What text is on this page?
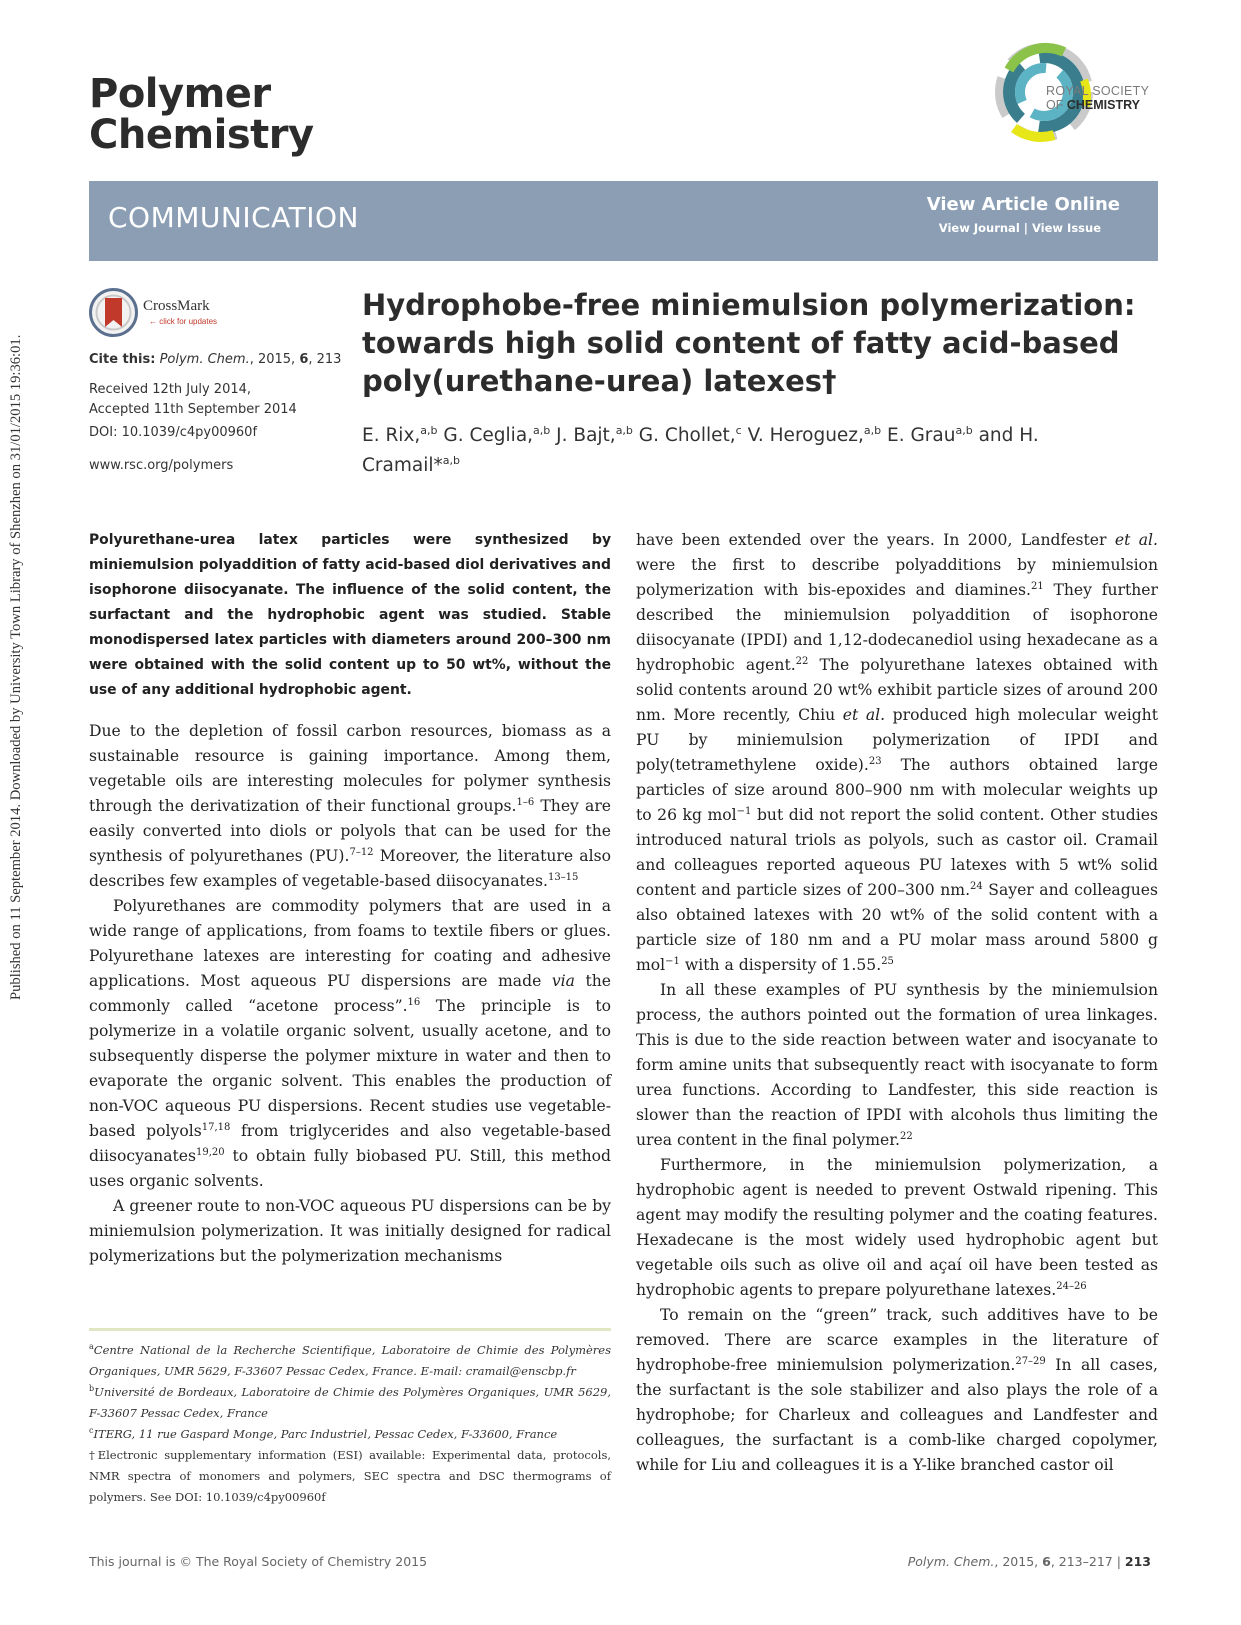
Published on 11 September 2014. Downloaded by University Town Library of Shenzhen on 31/01/2015 19:36:01.
Polymer
Chemistry
ROYAL SOCIETY
OF CHEMISTRY
COMMUNICATION	View Article Online
View Journal | View Issue
CrossMark
← click for updates
Cite this: Polym. Chem., 2015, 6, 213
Received 12th July 2014,
Accepted 11th September 2014
DOI: 10.1039/c4py00960f
www.rsc.org/polymers
Hydrophobe-free miniemulsion polymerization:
towards high solid content of fatty acid-based
poly(urethane-urea) latexes†
E. Rix,$^{a,b}$ G. Ceglia,$^{a,b}$ J. Bajt,$^{a,b}$ G. Chollet,$^c$ V. Heroguez,$^{a,b}$ E. Grau$^{a,b}$ and H. Cramail*$^{a,b}$

Polyurethane-urea latex particles were synthesized by miniemulsion polyaddition of fatty acid-based diol derivatives and isophorone diisocyanate. The influence of the solid content, the surfactant and the hydrophobic agent was studied. Stable monodispersed latex particles with diameters around 200–300 nm were obtained with the solid content up to 50 wt%, without the use of any additional hydrophobic agent.

Due to the depletion of fossil carbon resources, biomass as a sustainable resource is gaining importance. Among them, vegetable oils are interesting molecules for polymer synthesis through the derivatization of their functional groups.$^{1-6}$ They are easily converted into diols or polyols that can be used for the synthesis of polyurethanes (PU).$^{7-12}$ Moreover, the literature also describes few examples of vegetable-based diisocyanates.$^{13-15}$

Polyurethanes are commodity polymers that are used in a wide range of applications, from foams to textile fibers or glues. Polyurethane latexes are interesting for coating and adhesive applications. Most aqueous PU dispersions are made via the commonly called “acetone process”.$^{16}$ The principle is to polymerize in a volatile organic solvent, usually acetone, and to subsequently disperse the polymer mixture in water and then to evaporate the organic solvent. This enables the production of non-VOC aqueous PU dispersions. Recent studies use vegetable-based polyols$^{17,18}$ from triglycerides and also vegetable-based diisocyanates$^{19,20}$ to obtain fully biobased PU. Still, this method uses organic solvents.

A greener route to non-VOC aqueous PU dispersions can be by miniemulsion polymerization. It was initially designed for radical polymerizations but the polymerization mechanisms

$^a$Centre National de la Recherche Scientifique, Laboratoire de Chimie des Polymères Organiques, UMR 5629, F-33607 Pessac Cedex, France. E-mail: cramail@enscbp.fr

$^b$Université de Bordeaux, Laboratoire de Chimie des Polymères Organiques, UMR 5629, F-33607 Pessac Cedex, France

$^c$ITERG, 11 rue Gaspard Monge, Parc Industriel, Pessac Cedex, F-33600, France

†Electronic supplementary information (ESI) available: Experimental data, protocols, NMR spectra of monomers and polymers, SEC spectra and DSC thermograms of polymers. See DOI: 10.1039/c4py00960f

have been extended over the years. In 2000, Landfester et al. were the first to describe polyadditions by miniemulsion polymerization with bis-epoxides and diamines.$^{21}$ They further described the miniemulsion polyaddition of isophorone diisocyanate (IPDI) and 1,12-dodecanediol using hexadecane as a hydrophobic agent.$^{22}$ The polyurethane latexes obtained with solid contents around 20 wt% exhibit particle sizes of around 200 nm. More recently, Chiu et al. produced high molecular weight PU by miniemulsion polymerization of IPDI and poly(tetramethylene oxide).$^{23}$ The authors obtained large particles of size around 800–900 nm with molecular weights up to 26 kg mol$^{-1}$ but did not report the solid content. Other studies introduced natural triols as polyols, such as castor oil. Cramail and colleagues reported aqueous PU latexes with 5 wt% solid content and particle sizes of 200–300 nm.$^{24}$ Sayer and colleagues also obtained latexes with 20 wt% of the solid content with a particle size of 180 nm and a PU molar mass around 5800 g mol$^{-1}$ with a dispersity of 1.55.25

In all these examples of PU synthesis by the miniemulsion process, the authors pointed out the formation of urea linkages. This is due to the side reaction between water and isocyanate to form amine units that subsequently react with isocyanate to form urea functions. According to Landfester, this side reaction is slower than the reaction of IPDI with alcohols thus limiting the urea content in the final polymer.$^{22}$

Furthermore, in the miniemulsion polymerization, a hydrophobic agent is needed to prevent Ostwald ripening. This agent may modify the resulting polymer and the coating features. Hexadecane is the most widely used hydrophobic agent but vegetable oils such as olive oil and açaí oil have been tested as hydrophobic agents to prepare polyurethane latexes.$^{24-26}$

To remain on the “green” track, such additives have to be removed. There are scarce examples in the literature of hydrophobe-free miniemulsion polymerization.$^{27-29}$ In all cases, the surfactant is the sole stabilizer and also plays the role of a hydrophobe; for Charleux and colleagues and Landfester and colleagues, the surfactant is a comb-like charged copolymer, while for Liu and colleagues it is a Y-like branched castor oil

This journal is © The Royal Society of Chemistry 2015	Polym. Chem., 2015, 6, 213–217 | 213
